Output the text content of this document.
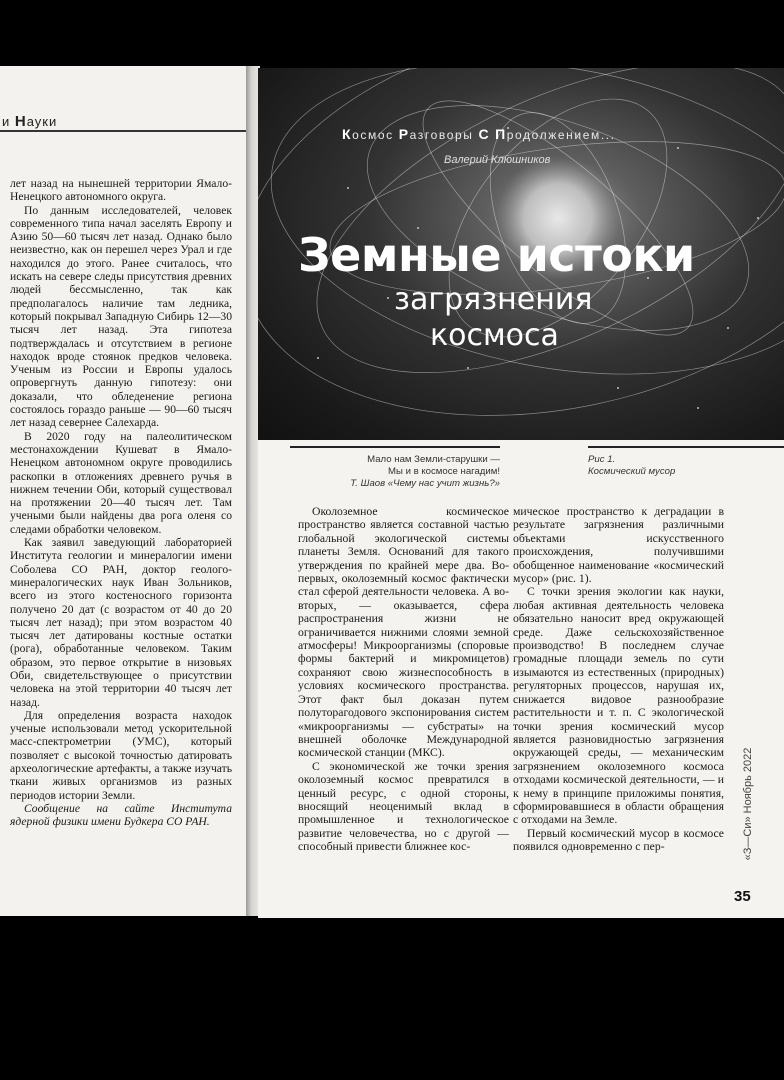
и Науки

лет назад на нынешней территории Ямало-Ненецкого автономного округа.

По данным исследователей, человек современного типа начал заселять Европу и Азию 50—60 тысяч лет назад. Однако было неизвестно, как он перешел через Урал и где находился до этого. Ранее считалось, что искать на севере следы присутствия древних людей бессмысленно, так как предполагалось наличие там ледника, который покрывал Западную Сибирь 12—30 тысяч лет назад. Эта гипотеза подтверждалась и отсутствием в регионе находок вроде стоянок предков человека. Ученым из России и Европы удалось опровергнуть данную гипотезу: они доказали, что обледенение региона состоялось гораздо раньше — 90—60 тысяч лет назад севернее Салехарда.

В 2020 году на палеолитическом местонахождении Кушеват в Ямало-Ненецком автономном округе проводились раскопки в отложениях древнего ручья в нижнем течении Оби, который существовал на протяжении 20—40 тысяч лет. Там учеными были найдены два рога оленя со следами обработки человеком.

Как заявил заведующий лабораторией Института геологии и минералогии имени Соболева СО РАН, доктор геолого-минералогических наук Иван Зольников, всего из этого костеносного горизонта получено 20 дат (с возрастом от 40 до 20 тысяч лет назад); при этом возрастом 40 тысяч лет датированы костные остатки (рога), обработанные человеком. Таким образом, это первое открытие в низовьях Оби, свидетельствующее о присутствии человека на этой территории 40 тысяч лет назад.

Для определения возраста находок ученые использовали метод ускорительной масс-спектрометрии (УМС), который позволяет с высокой точностью датировать археологические артефакты, а также изучать ткани живых организмов из разных периодов истории Земли.

Сообщение на сайте Института ядерной физики имени Будкера СО РАН.

Космос Разговоры С Продолжением...
Валерий Клюшников
Земные истоки
загрязнения
космоса
Мало нам Земли-старушки —
Мы и в космосе нагадим!
Т. Шаов «Чему нас учит жизнь?»
Рис 1.
Космический мусор

Околоземное космическое пространство является составной частью глобальной экологической системы планеты Земля. Оснований для такого утверждения по крайней мере два. Во-первых, околоземный космос фактически стал сферой деятельности человека. А во-вторых, — оказывается, сфера распространения жизни не ограничивается нижними слоями земной атмосферы! Микроорганизмы (споровые формы бактерий и микромицетов) сохраняют свою жизнеспособность в условиях космического пространства. Этот факт был доказан путем полуторагодового экспонирования систем «микроорганизмы — субстраты» на внешней оболочке Международной космической станции (МКС).

С экономической же точки зрения околоземный космос превратился в ценный ресурс, с одной стороны, вносящий неоценимый вклад в промышленное и технологическое развитие человечества, но с другой — способный привести ближнее кос-

мическое пространство к деградации в результате загрязнения различными объектами искусственного происхождения, получившими обобщенное наименование «космический мусор» (рис. 1).

С точки зрения экологии как науки, любая активная деятельность человека обязательно наносит вред окружающей среде. Даже сельскохозяйственное производство! В последнем случае громадные площади земель по сути изымаются из естественных (природных) регуляторных процессов, нарушая их, снижается видовое разнообразие растительности и т. п. С экологической точки зрения космический мусор является разновидностью загрязнения окружающей среды, — механическим загрязнением околоземного космоса отходами космической деятельности, — и к нему в принципе приложимы понятия, сформировавшиеся в области обращения с отходами на Земле.

Первый космический мусор в космосе появился одновременно с пер-	«З—Си» Ноябрь 2022
35
